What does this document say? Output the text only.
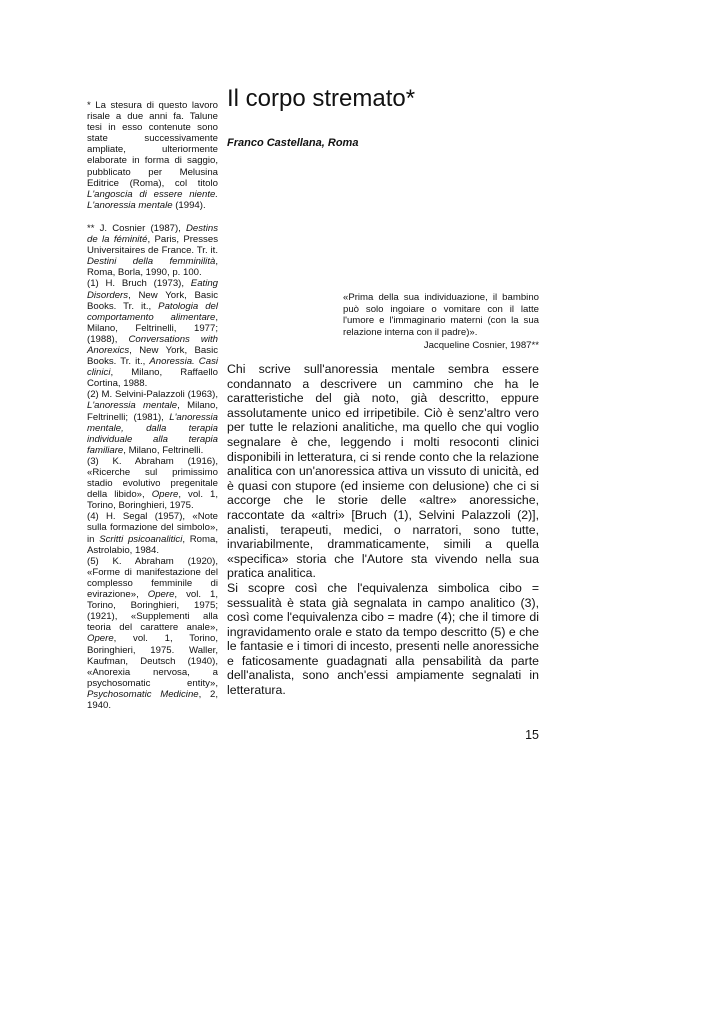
* La stesura di questo lavoro risale a due anni fa. Talune tesi in esso contenute sono state successivamente ampliate, ulteriormente elaborate in forma di saggio, pubblicato per Melusina Editrice (Roma), col titolo L'angoscia di essere niente. L'anoressia mentale (1994).

** J. Cosnier (1987), Destins de la féminité, Paris, Presses Universitaires de France. Tr. it. Destini della femminilità, Roma, Borla, 1990, p. 100.

(1) H. Bruch (1973), Eating Disorders, New York, Basic Books. Tr. it., Patologia del comportamento alimentare, Milano, Feltrinelli, 1977; (1988), Conversations with Anorexics, New York, Basic Books. Tr. it., Anoressia. Casi clinici, Milano, Raffaello Cortina, 1988.

(2) M. Selvini-Palazzoli (1963), L'anoressia mentale, Milano, Feltrinelli; (1981), L'anoressia mentale, dalla terapia individuale alla terapia familiare, Milano, Feltrinelli.

(3) K. Abraham (1916), «Ricerche sul primissimo stadio evolutivo pregenitale della libido», Opere, vol. 1, Torino, Boringhieri, 1975.

(4) H. Segal (1957), «Note sulla formazione del simbolo», in Scritti psicoanalitici, Roma, Astrolabio, 1984.

(5) K. Abraham (1920), «Forme di manifestazione del complesso femminile di evirazione», Opere, vol. 1, Torino, Boringhieri, 1975; (1921), «Supplementi alla teoria del carattere anale», Opere, vol. 1, Torino, Boringhieri, 1975. Waller, Kaufman, Deutsch (1940), «Anorexia nervosa, a psychosomatic entity», Psychosomatic Medicine, 2, 1940.

Il corpo stremato*

Franco Castellana, Roma

«Prima della sua individuazione, il bambino può solo ingoiare o vomitare con il latte l'umore e l'immaginario materni (con la sua relazione interna con il padre)».

Jacqueline Cosnier, 1987**

Chi scrive sull'anoressia mentale sembra essere condannato a descrivere un cammino che ha le caratteristiche del già noto, già descritto, eppure assolutamente unico ed irripetibile. Ciò è senz'altro vero per tutte le relazioni analitiche, ma quello che qui voglio segnalare è che, leggendo i molti resoconti clinici disponibili in letteratura, ci si rende conto che la relazione analitica con un'anoressica attiva un vissuto di unicità, ed è quasi con stupore (ed insieme con delusione) che ci si accorge che le storie delle «altre» anoressiche, raccontate da «altri» [Bruch (1), Selvini Palazzoli (2)], analisti, terapeuti, medici, o narratori, sono tutte, invariabilmente, drammaticamente, simili a quella «specifica» storia che l'Autore sta vivendo nella sua pratica analitica.

Si scopre così che l'equivalenza simbolica cibo = sessualità è stata già segnalata in campo analitico (3), così come l'equivalenza cibo = madre (4); che il timore di ingravidamento orale e stato da tempo descritto (5) e che le fantasie e i timori di incesto, presenti nelle anoressiche e faticosamente guadagnati alla pensabilità da parte dell'analista, sono anch'essi ampiamente segnalati in letteratura.

15
